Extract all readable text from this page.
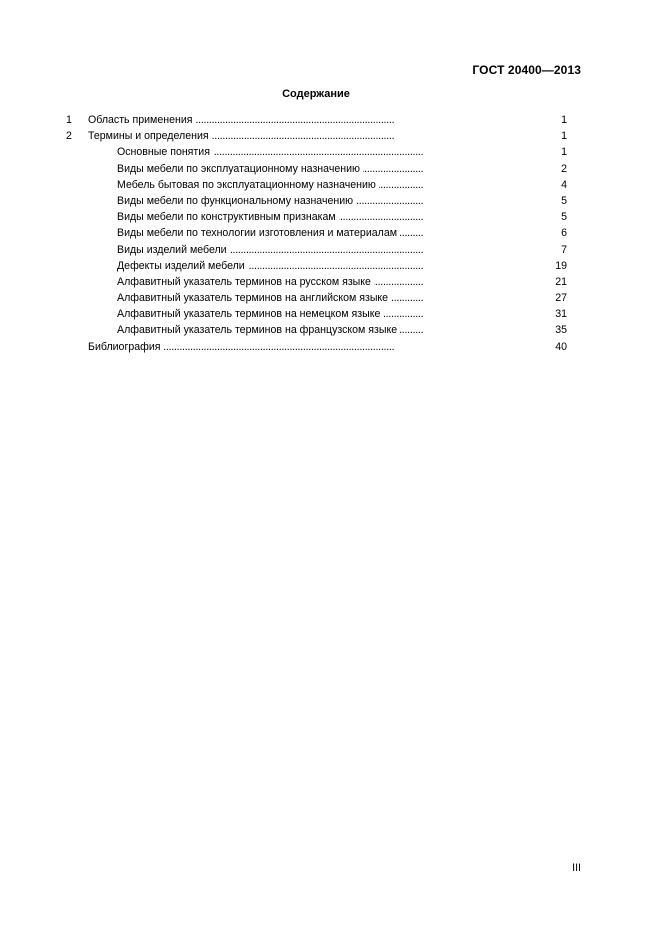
ГОСТ 20400—2013
Содержание
1 Область применения . . .	1
2 Термины и определения . . .	1
Основные понятия . . .	1
Виды мебели по эксплуатационному назначению . . .	2
Мебель бытовая по эксплуатационному назначению . . .	4
Виды мебели по функциональному назначению . . .	5
Виды мебели по конструктивным признакам . . .	5
Виды мебели по технологии изготовления и материалам . . .	6
Виды изделий мебели . . .	7
Дефекты изделий мебели . . .	19
Алфавитный указатель терминов на русском языке . . .	21
Алфавитный указатель терминов на английском языке . . .	27
Алфавитный указатель терминов на немецком языке . . .	31
Алфавитный указатель терминов на французском языке . . .	35
Библиография . . .	40
III
